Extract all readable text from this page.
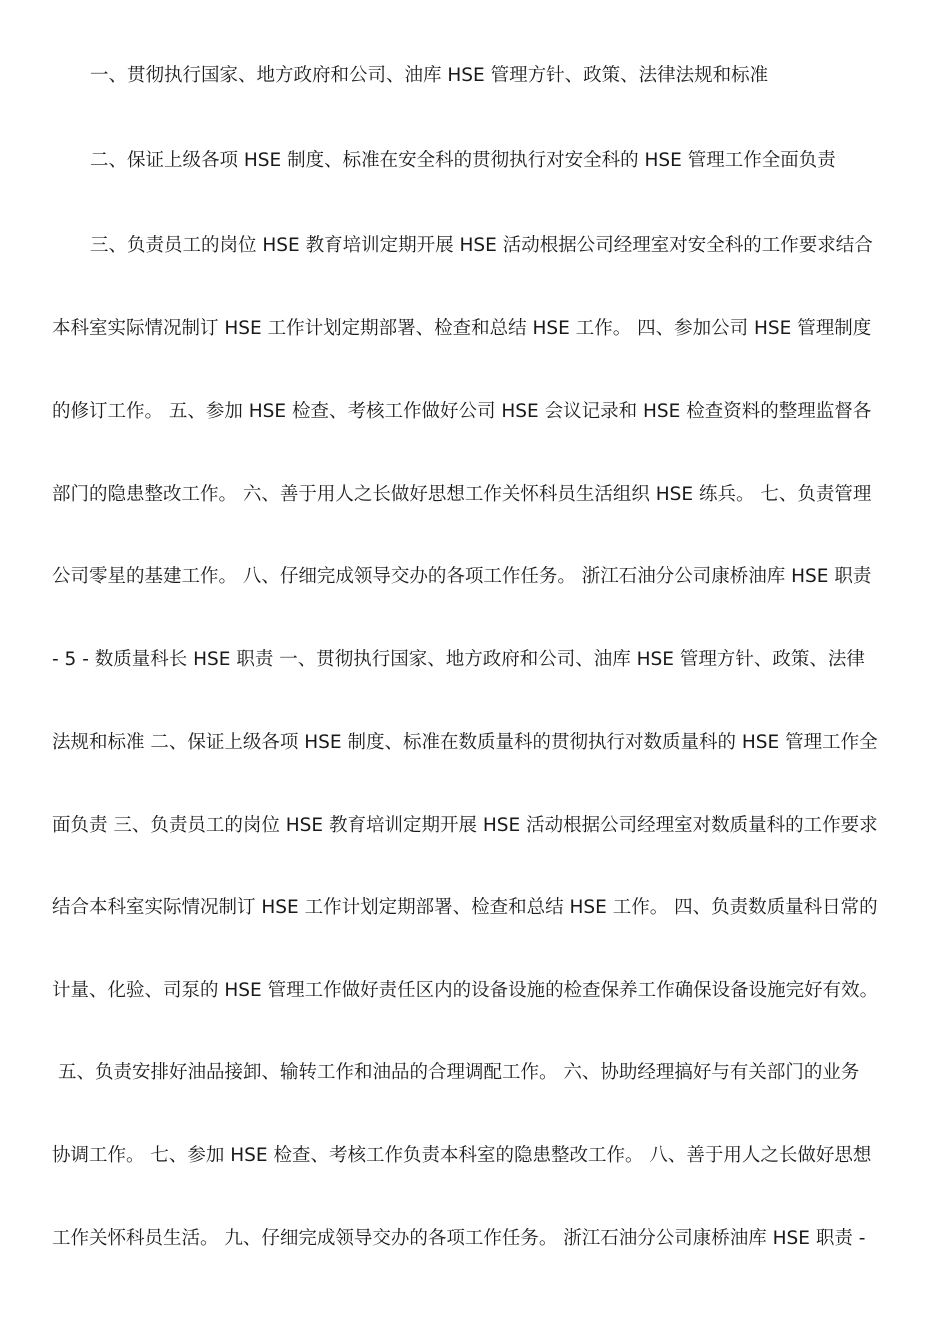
一、贯彻执行国家、地方政府和公司、油库 HSE 管理方针、政策、法律法规和标准
二、保证上级各项 HSE 制度、标准在安全科的贯彻执行对安全科的 HSE 管理工作全面负责
三、负责员工的岗位 HSE 教育培训定期开展 HSE 活动根据公司经理室对安全科的工作要求结合
本科室实际情况制订 HSE 工作计划定期部署、检查和总结 HSE 工作。 四、参加公司 HSE 管理制度
的修订工作。 五、参加 HSE 检查、考核工作做好公司 HSE 会议记录和 HSE 检查资料的整理监督各
部门的隐患整改工作。 六、善于用人之长做好思想工作关怀科员生活组织 HSE 练兵。 七、负责管理
公司零星的基建工作。 八、仔细完成领导交办的各项工作任务。 浙江石油分公司康桥油库 HSE 职责
- 5 - 数质量科长 HSE 职责 一、贯彻执行国家、地方政府和公司、油库 HSE 管理方针、政策、法律
法规和标准 二、保证上级各项 HSE 制度、标准在数质量科的贯彻执行对数质量科的 HSE 管理工作全
面负责 三、负责员工的岗位 HSE 教育培训定期开展 HSE 活动根据公司经理室对数质量科的工作要求
结合本科室实际情况制订 HSE 工作计划定期部署、检查和总结 HSE 工作。 四、负责数质量科日常的
计量、化验、司泵的 HSE 管理工作做好责任区内的设备设施的检查保养工作确保设备设施完好有效。
五、负责安排好油品接卸、输转工作和油品的合理调配工作。 六、协助经理搞好与有关部门的业务
协调工作。 七、参加 HSE 检查、考核工作负责本科室的隐患整改工作。 八、善于用人之长做好思想
工作关怀科员生活。 九、仔细完成领导交办的各项工作任务。 浙江石油分公司康桥油库 HSE 职责 -
